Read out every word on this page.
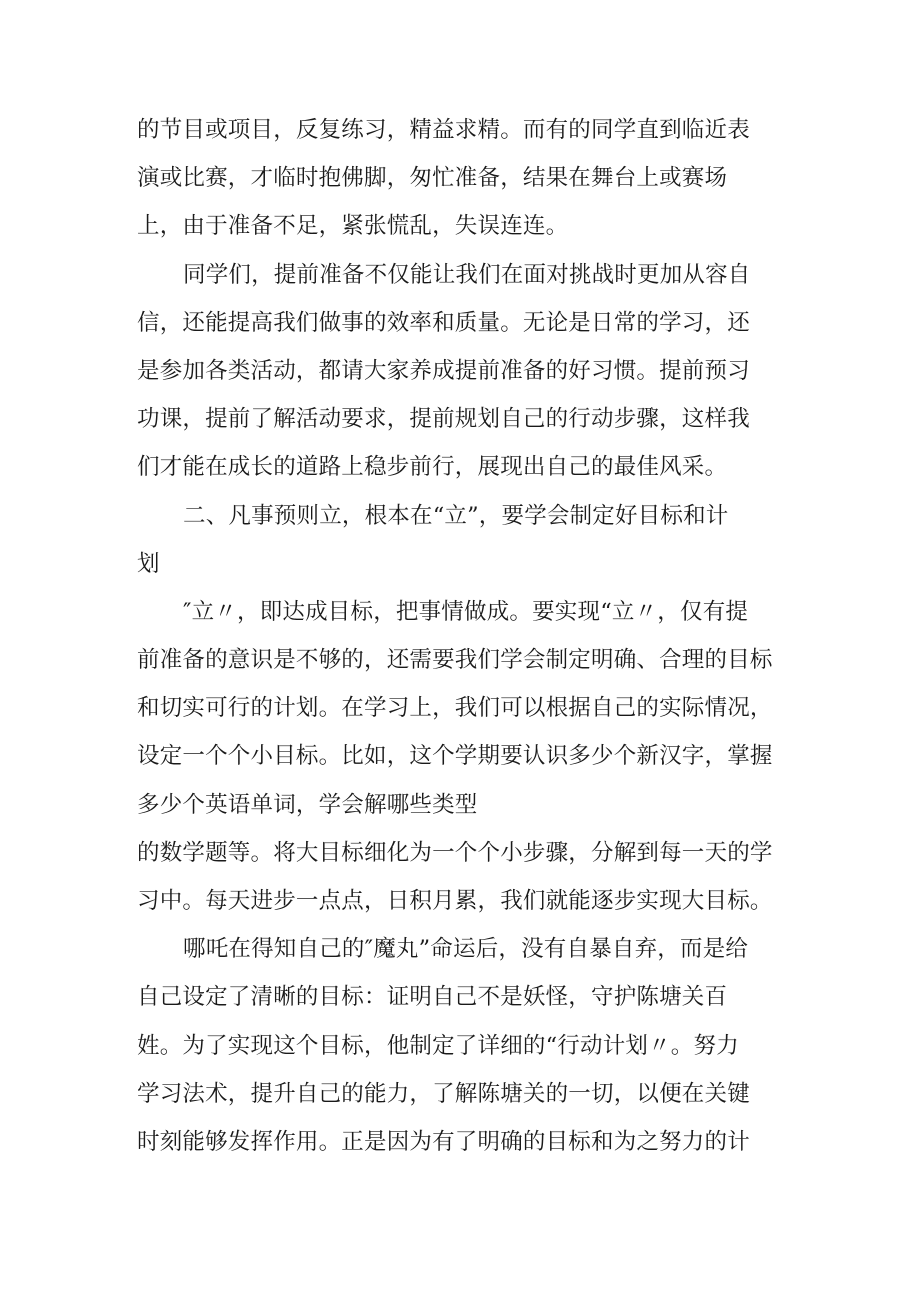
的节目或项目，反复练习，精益求精。而有的同学直到临近表
演或比赛，才临时抱佛脚，匆忙准备，结果在舞台上或赛场
上，由于准备不足，紧张慌乱，失误连连。
同学们，提前准备不仅能让我们在面对挑战时更加从容自
信，还能提高我们做事的效率和质量。无论是日常的学习，还
是参加各类活动，都请大家养成提前准备的好习惯。提前预习
功课，提前了解活动要求，提前规划自己的行动步骤，这样我
们才能在成长的道路上稳步前行，展现出自己的最佳风采。
二、凡事预则立，根本在“立”，要学会制定好目标和计
划
″立〃，即达成目标，把事情做成。要实现“立〃，仅有提
前准备的意识是不够的，还需要我们学会制定明确、合理的目标
和切实可行的计划。在学习上，我们可以根据自己的实际情况，
设定一个个小目标。比如，这个学期要认识多少个新汉字，掌握
多少个英语单词，学会解哪些类型
的数学题等。将大目标细化为一个个小步骤，分解到每一天的学
习中。每天进步一点点，日积月累，我们就能逐步实现大目标。
哪吒在得知自己的″魔丸”命运后，没有自暴自弃，而是给
自己设定了清晰的目标：证明自己不是妖怪，守护陈塘关百
姓。为了实现这个目标，他制定了详细的“行动计划〃。努力
学习法术，提升自己的能力，了解陈塘关的一切，以便在关键
时刻能够发挥作用。正是因为有了明确的目标和为之努力的计
